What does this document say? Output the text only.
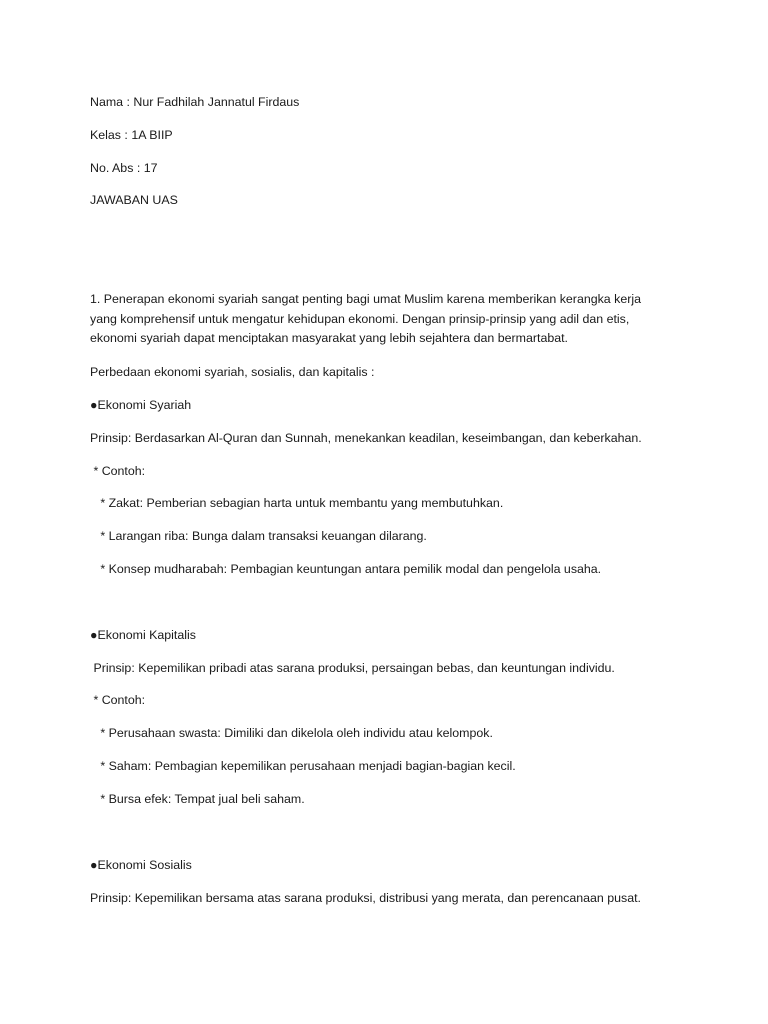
Nama : Nur Fadhilah Jannatul Firdaus
Kelas : 1A BIIP
No. Abs : 17
JAWABAN UAS
1. Penerapan ekonomi syariah sangat penting bagi umat Muslim karena memberikan kerangka kerja
yang komprehensif untuk mengatur kehidupan ekonomi. Dengan prinsip-prinsip yang adil dan etis,
ekonomi syariah dapat menciptakan masyarakat yang lebih sejahtera dan bermartabat.
Perbedaan ekonomi syariah, sosialis, dan kapitalis :
●Ekonomi Syariah
Prinsip: Berdasarkan Al-Quran dan Sunnah, menekankan keadilan, keseimbangan, dan keberkahan.
* Contoh:
* Zakat: Pemberian sebagian harta untuk membantu yang membutuhkan.
* Larangan riba: Bunga dalam transaksi keuangan dilarang.
* Konsep mudharabah: Pembagian keuntungan antara pemilik modal dan pengelola usaha.
●Ekonomi Kapitalis
Prinsip: Kepemilikan pribadi atas sarana produksi, persaingan bebas, dan keuntungan individu.
* Contoh:
* Perusahaan swasta: Dimiliki dan dikelola oleh individu atau kelompok.
* Saham: Pembagian kepemilikan perusahaan menjadi bagian-bagian kecil.
* Bursa efek: Tempat jual beli saham.
●Ekonomi Sosialis
Prinsip: Kepemilikan bersama atas sarana produksi, distribusi yang merata, dan perencanaan pusat.
